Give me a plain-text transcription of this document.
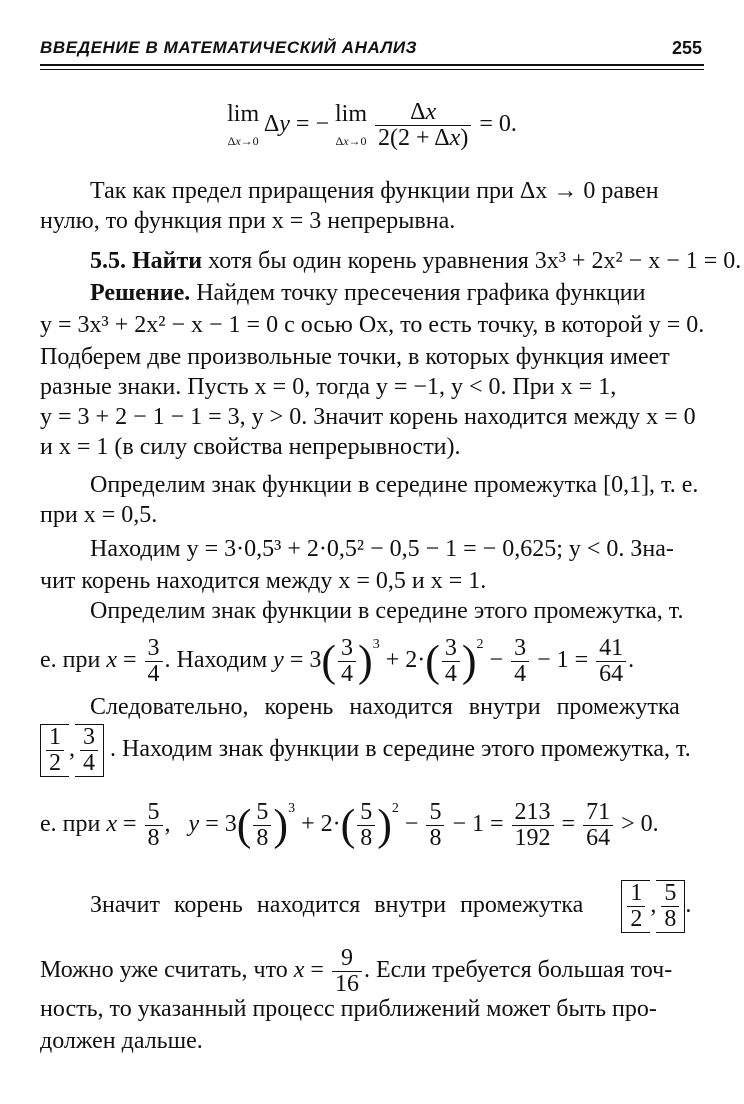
ВВЕДЕНИЕ В МАТЕМАТИЧЕСКИЙ АНАЛИЗ	255
lim
Δx→0 Δy = − lim
$\Delta x\to 0 \frac{\Delta x}{2(2 + \Delta x)} = 0$.
Так как предел приращения функции при Δx → 0 равен
нулю, то функция при x = 3 непрерывна.
5.5. Найти хотя бы один корень уравнения 3x³ + 2x² − x − 1 = 0.
Решение. Найдем точку пресечения графика функции
y = 3x³ + 2x² − x − 1 = 0 с осью Ox, то есть точку, в которой y = 0.
Подберем две произвольные точки, в которых функция имеет
разные знаки. Пусть x = 0, тогда y = −1, y < 0. При x = 1,
y = 3 + 2 − 1 − 1 = 3, y > 0. Значит корень находится между x = 0
и x = 1 (в силу свойства непрерывности).
Определим знак функции в середине промежутка [0,1], т. е.
при x = 0,5.
Находим y = 3·0,5³ + 2·0,5² − 0,5 − 1 = − 0,625; y < 0. Зна-
чит корень находится между x = 0,5 и x = 1.
Определим знак функции в середине этого промежутка, т.
е. при $x = \frac{3}{4}$ . Находим $y = 3( \frac{3}{4} )^3 + 2\cdot( \frac{3}{4} )^2 - \frac{3}{4} - 1 = \frac{41}{64}$ .
Следовательно, корень находится внутри промежутка
$\frac{1}{2}$ , $\frac{3}{4}$ . Находим знак функции в середине этого промежутка, т.
е. при $x = \frac{5}{8}$ ,   $y = 3( \frac{5}{8} )^3 + 2\cdot( \frac{5}{8} )^2 - \frac{5}{8} - 1 = \frac{213}{192} = \frac{71}{64} > 0$.
Значит корень находится внутри промежутка $\frac{1}{2}$ , $\frac{5}{8}$ .
Можно уже считать, что $x = \frac{9}{16}$ . Если требуется большая точ-
ность, то указанный процесс приближений может быть про-
должен дальше.
